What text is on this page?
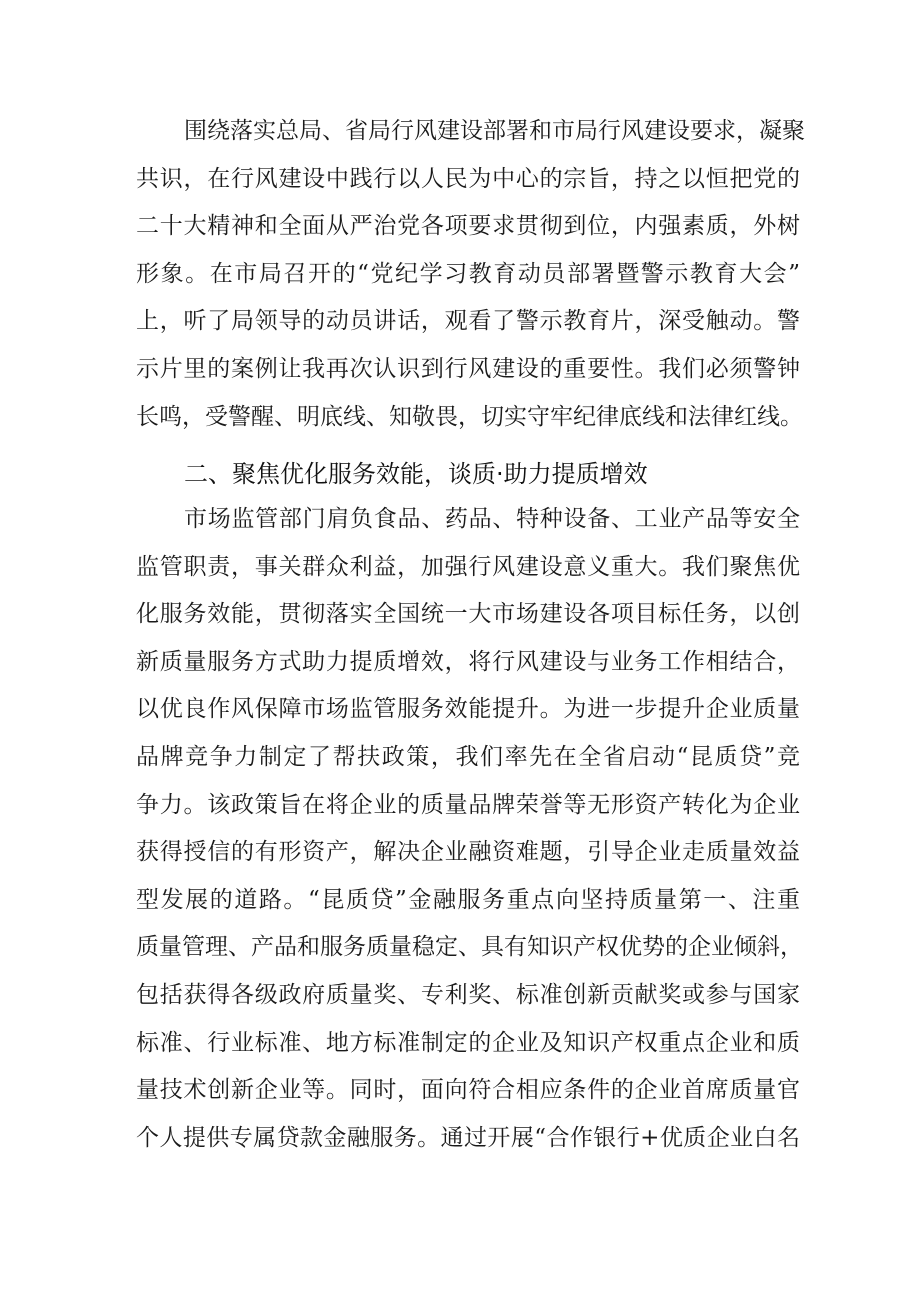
围绕落实总局、省局行风建设部署和市局行风建设要求，凝聚
共识，在行风建设中践行以人民为中心的宗旨，持之以恒把党的
二十大精神和全面从严治党各项要求贯彻到位，内强素质，外树
形象。在市局召开的“党纪学习教育动员部署暨警示教育大会”
上，听了局领导的动员讲话，观看了警示教育片，深受触动。警
示片里的案例让我再次认识到行风建设的重要性。我们必须警钟
长鸣，受警醒、明底线、知敬畏，切实守牢纪律底线和法律红线。
二、聚焦优化服务效能，谈质·助力提质增效
市场监管部门肩负食品、药品、特种设备、工业产品等安全
监管职责，事关群众利益，加强行风建设意义重大。我们聚焦优
化服务效能，贯彻落实全国统一大市场建设各项目标任务，以创
新质量服务方式助力提质增效，将行风建设与业务工作相结合，
以优良作风保障市场监管服务效能提升。为进一步提升企业质量
品牌竞争力制定了帮扶政策，我们率先在全省启动“昆质贷”竞
争力。该政策旨在将企业的质量品牌荣誉等无形资产转化为企业
获得授信的有形资产，解决企业融资难题，引导企业走质量效益
型发展的道路。“昆质贷”金融服务重点向坚持质量第一、注重
质量管理、产品和服务质量稳定、具有知识产权优势的企业倾斜，
包括获得各级政府质量奖、专利奖、标准创新贡献奖或参与国家
标准、行业标准、地方标准制定的企业及知识产权重点企业和质
量技术创新企业等。同时，面向符合相应条件的企业首席质量官
个人提供专属贷款金融服务。通过开展“合作银行+优质企业白名
